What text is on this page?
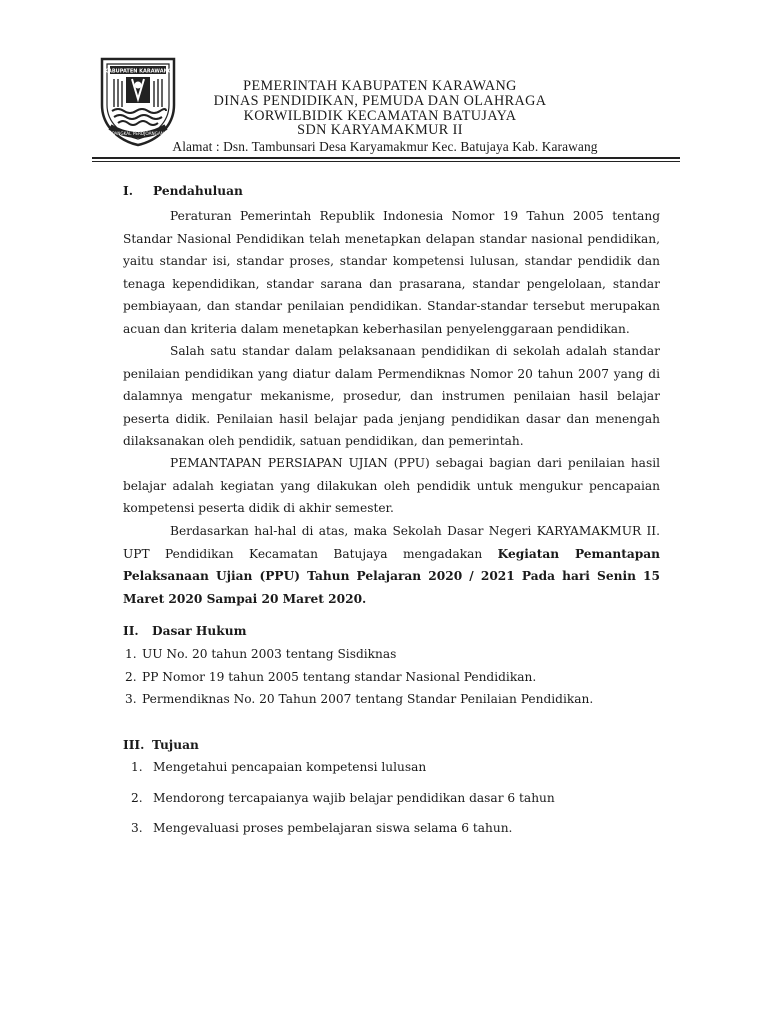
KABUPATEN KARAWANG
PANGKAL PERDJOANGAN
PEMERINTAH KABUPATEN KARAWANG
DINAS PENDIDIKAN, PEMUDA DAN OLAHRAGA
KORWILBIDIK KECAMATAN BATUJAYA
SDN KARYAMAKMUR II
Alamat : Dsn. Tambunsari Desa Karyamakmur Kec. Batujaya Kab. Karawang
I. Pendahuluan
Peraturan Pemerintah Republik Indonesia Nomor 19 Tahun 2005 tentang Standar Nasional Pendidikan telah menetapkan delapan standar nasional pendidikan, yaitu standar isi, standar proses, standar kompetensi lulusan, standar pendidik dan tenaga kependidikan, standar sarana dan prasarana, standar pengelolaan, standar pembiayaan, dan standar penilaian pendidikan. Standar-standar tersebut merupakan acuan dan kriteria dalam menetapkan keberhasilan penyelenggaraan pendidikan.
Salah satu standar dalam pelaksanaan pendidikan di sekolah adalah standar penilaian pendidikan yang diatur dalam Permendiknas Nomor 20 tahun 2007 yang di dalamnya mengatur mekanisme, prosedur, dan instrumen penilaian hasil belajar peserta didik. Penilaian hasil belajar pada jenjang pendidikan dasar dan menengah dilaksanakan oleh pendidik, satuan pendidikan, dan pemerintah.
PEMANTAPAN PERSIAPAN UJIAN (PPU) sebagai bagian dari penilaian hasil belajar adalah kegiatan yang dilakukan oleh pendidik untuk mengukur pencapaian kompetensi peserta didik di akhir semester.
Berdasarkan hal-hal di atas, maka Sekolah Dasar Negeri KARYAMAKMUR II. UPT Pendidikan Kecamatan Batujaya mengadakan Kegiatan Pemantapan Pelaksanaan Ujian (PPU) Tahun Pelajaran 2020 / 2021 Pada hari Senin 15 Maret 2020 Sampai 20 Maret 2020.
II. Dasar Hukum
1. UU No. 20 tahun 2003 tentang Sisdiknas
2. PP Nomor 19 tahun 2005 tentang standar Nasional Pendidikan.
3. Permendiknas No. 20 Tahun 2007 tentang Standar Penilaian Pendidikan.
III. Tujuan
1. Mengetahui pencapaian kompetensi lulusan
2. Mendorong tercapaianya wajib belajar pendidikan dasar 6 tahun
3. Mengevaluasi proses pembelajaran siswa selama 6 tahun.
